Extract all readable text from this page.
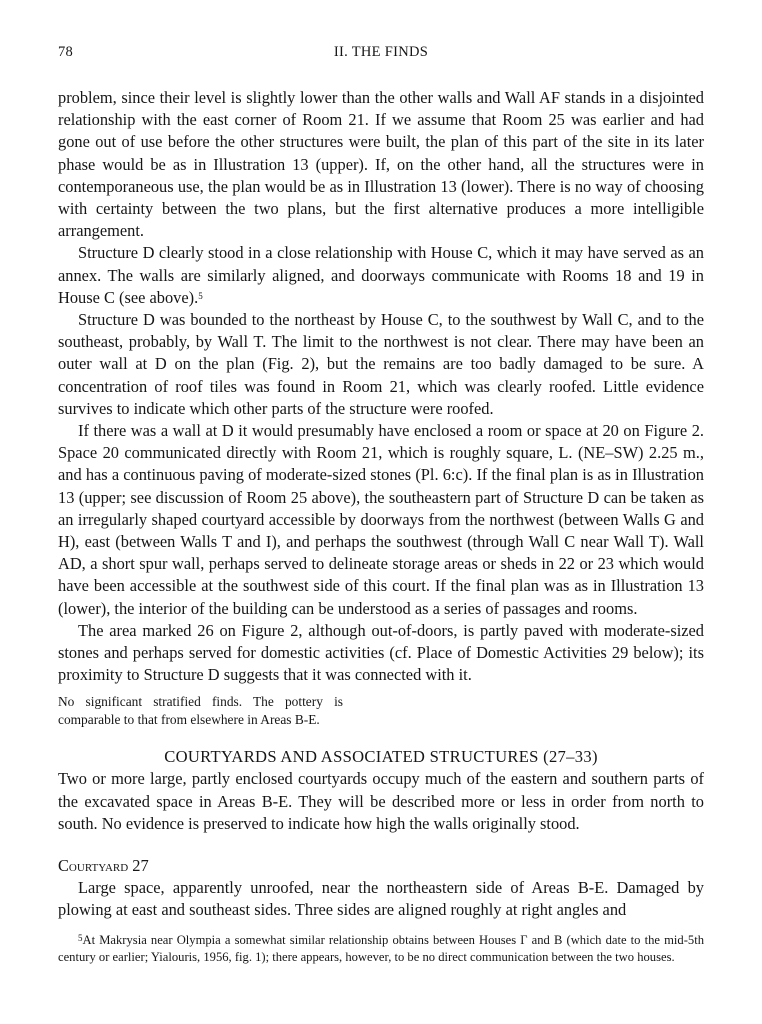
78	II. THE FINDS

problem, since their level is slightly lower than the other walls and Wall AF stands in a disjointed relationship with the east corner of Room 21. If we assume that Room 25 was earlier and had gone out of use before the other structures were built, the plan of this part of the site in its later phase would be as in Illustration 13 (upper). If, on the other hand, all the structures were in contemporaneous use, the plan would be as in Illustration 13 (lower). There is no way of choosing with certainty between the two plans, but the first alternative produces a more intelligible arrangement.

Structure D clearly stood in a close relationship with House C, which it may have served as an annex. The walls are similarly aligned, and doorways communicate with Rooms 18 and 19 in House C (see above).$^5$

Structure D was bounded to the northeast by House C, to the southwest by Wall C, and to the southeast, probably, by Wall T. The limit to the northwest is not clear. There may have been an outer wall at D on the plan (Fig. 2), but the remains are too badly damaged to be sure. A concentration of roof tiles was found in Room 21, which was clearly roofed. Little evidence survives to indicate which other parts of the structure were roofed.

If there was a wall at D it would presumably have enclosed a room or space at 20 on Figure 2. Space 20 communicated directly with Room 21, which is roughly square, L. (NE–SW) 2.25 m., and has a continuous paving of moderate-sized stones (Pl. 6:c). If the final plan is as in Illustration 13 (upper; see discussion of Room 25 above), the southeastern part of Structure D can be taken as an irregularly shaped courtyard accessible by doorways from the northwest (between Walls G and H), east (between Walls T and I), and perhaps the southwest (through Wall C near Wall T). Wall AD, a short spur wall, perhaps served to delineate storage areas or sheds in 22 or 23 which would have been accessible at the southwest side of this court. If the final plan was as in Illustration 13 (lower), the interior of the building can be understood as a series of passages and rooms.

The area marked 26 on Figure 2, although out-of-doors, is partly paved with moderate-sized stones and perhaps served for domestic activities (cf. Place of Domestic Activities 29 below); its proximity to Structure D suggests that it was connected with it.

No significant stratified finds. The pottery is comparable to that from elsewhere in Areas B-E.
COURTYARDS AND ASSOCIATED STRUCTURES (27–33)

Two or more large, partly enclosed courtyards occupy much of the eastern and southern parts of the excavated space in Areas B-E. They will be described more or less in order from north to south. No evidence is preserved to indicate how high the walls originally stood.

Courtyard 27

Large space, apparently unroofed, near the northeastern side of Areas B-E. Damaged by plowing at east and southeast sides. Three sides are aligned roughly at right angles and

$^5$At Makrysia near Olympia a somewhat similar relationship obtains between Houses Γ and B (which date to the mid-5th century or earlier; Yialouris, 1956, fig. 1); there appears, however, to be no direct communication between the two houses.
